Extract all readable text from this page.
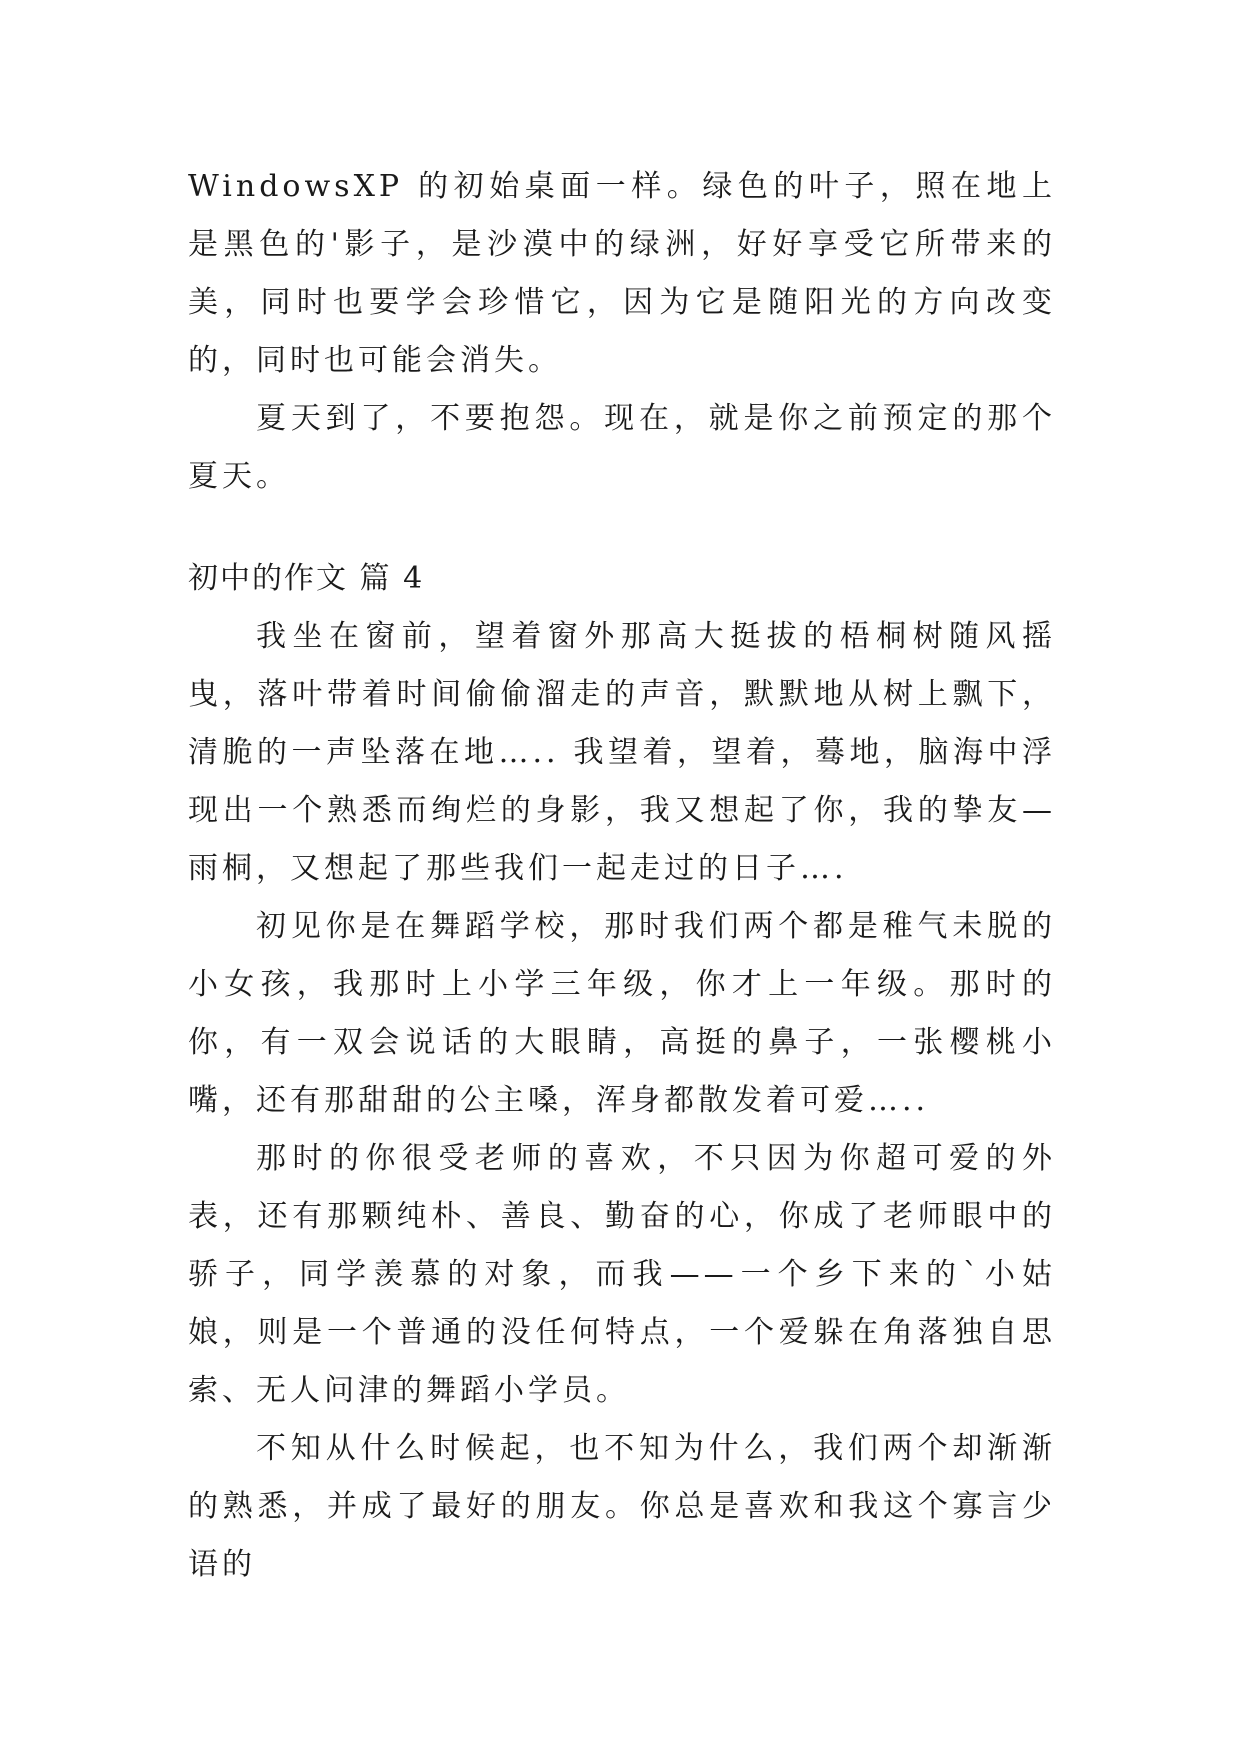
WindowsXP 的初始桌面一样。绿色的叶子，照在地上是黑色的'影子，是沙漠中的绿洲，好好享受它所带来的美，同时也要学会珍惜它，因为它是随阳光的方向改变的，同时也可能会消失。

夏天到了，不要抱怨。现在，就是你之前预定的那个夏天。

初中的作文 篇 4

我坐在窗前，望着窗外那高大挺拔的梧桐树随风摇曳，落叶带着时间偷偷溜走的声音，默默地从树上飘下，清脆的一声坠落在地….. 我望着，望着，蓦地，脑海中浮现出一个熟悉而绚烂的身影，我又想起了你，我的挚友—雨桐，又想起了那些我们一起走过的日子….

初见你是在舞蹈学校，那时我们两个都是稚气未脱的小女孩，我那时上小学三年级，你才上一年级。那时的你，有一双会说话的大眼睛，高挺的鼻子，一张樱桃小嘴，还有那甜甜的公主嗓，浑身都散发着可爱…..

那时的你很受老师的喜欢，不只因为你超可爱的外表，还有那颗纯朴、善良、勤奋的心，你成了老师眼中的骄子，同学羡慕的对象，而我——一个乡下来的`小姑娘，则是一个普通的没任何特点，一个爱躲在角落独自思索、无人问津的舞蹈小学员。

不知从什么时候起，也不知为什么，我们两个却渐渐的熟悉，并成了最好的朋友。你总是喜欢和我这个寡言少语的
